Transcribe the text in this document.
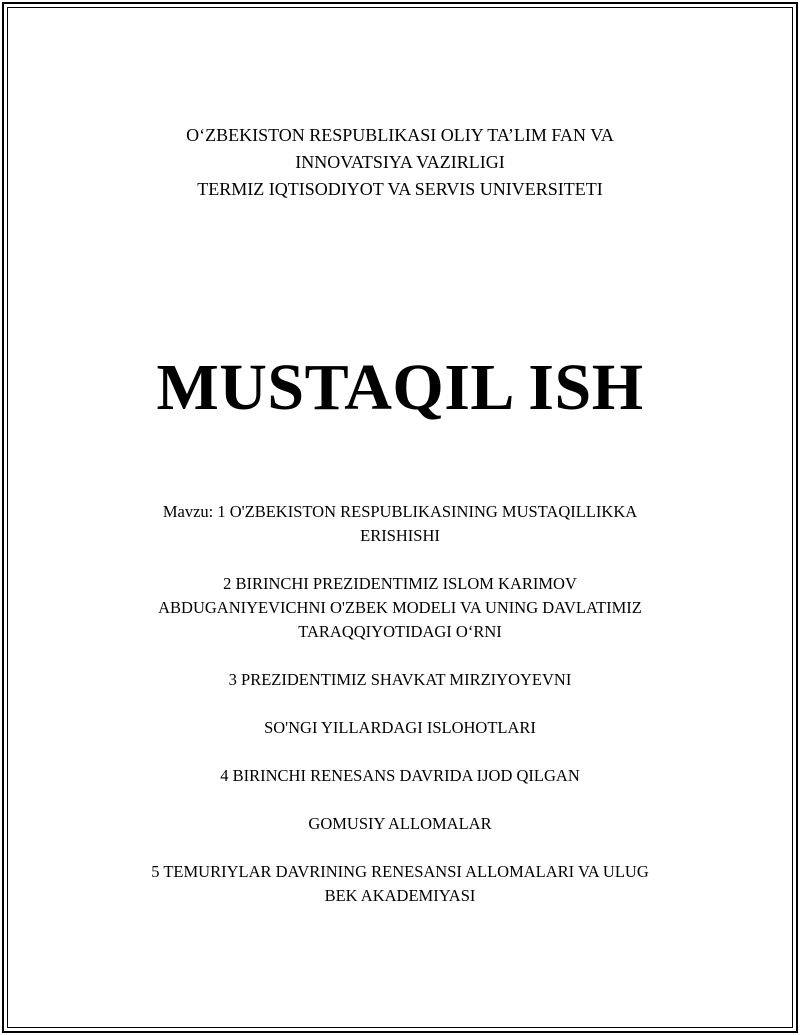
O‘ZBEKISTON RESPUBLIKASI OLIY TA’LIM FAN VA
INNOVATSIYA VAZIRLIGI
TERMIZ IQTISODIYOT VA SERVIS UNIVERSITETI
MUSTAQIL ISH
Mavzu: 1 O'ZBEKISTON RESPUBLIKASINING MUSTAQILLIKKA
ERISHISHI
2 BIRINCHI PREZIDENTIMIZ ISLOM KARIMOV
ABDUGANIYEVICHNI O'ZBEK MODELI VA UNING DAVLATIMIZ
TARAQQIYOTIDAGI O‘RNI
3 PREZIDENTIMIZ SHAVKAT MIRZIYOYEVNI
SO'NGI YILLARDAGI ISLOHOTLARI
4 BIRINCHI RENESANS DAVRIDA IJOD QILGAN
GOMUSIY ALLOMALAR
5 TEMURIYLAR DAVRINING RENESANSI ALLOMALARI VA ULUG
BEK AKADEMIYASI
